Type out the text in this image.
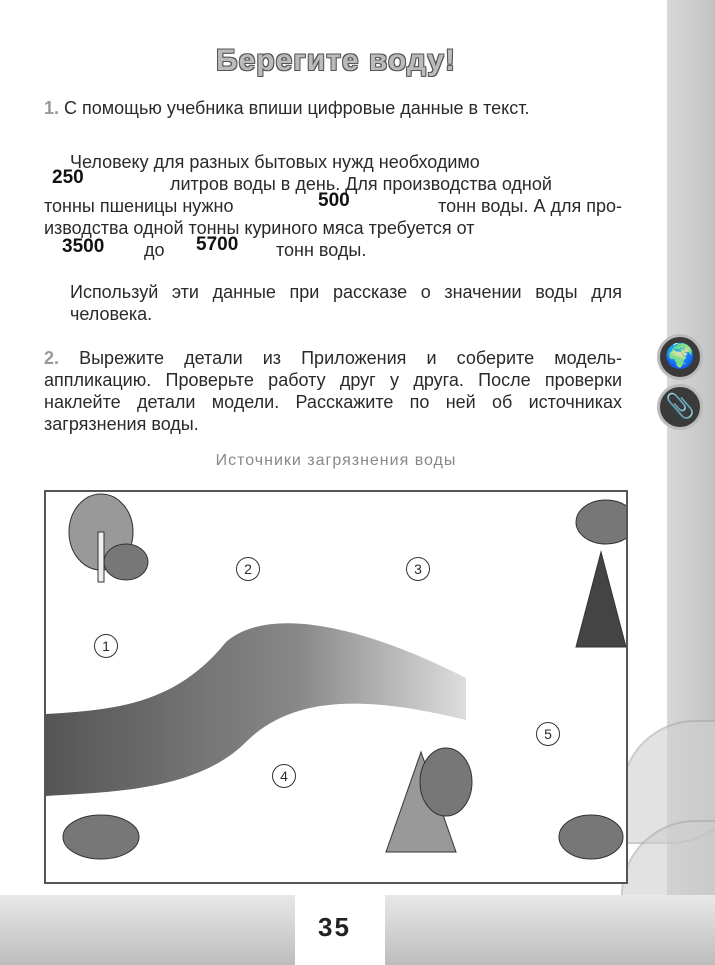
35
🌍
📎
Берегите воду!
1. С помощью учебника впиши цифровые данные в текст.
Человеку для разных бытовых нужд необходимо
250	литров воды в день. Для производства одной
тонны пшеницы нужно	500	тонн воды. А для про-
изводства одной тонны куриного мяса требуется от
3500 до	5700 тонн воды.
Используй эти данные при рассказе о значении воды для человека.
2. Вырежите детали из Приложения и соберите модель-аппликацию. Проверьте работу друг у друга. После проверки наклейте детали модели. Расскажите по ней об источниках загрязнения воды.
Источники загрязнения воды
1
2	3
4
5
